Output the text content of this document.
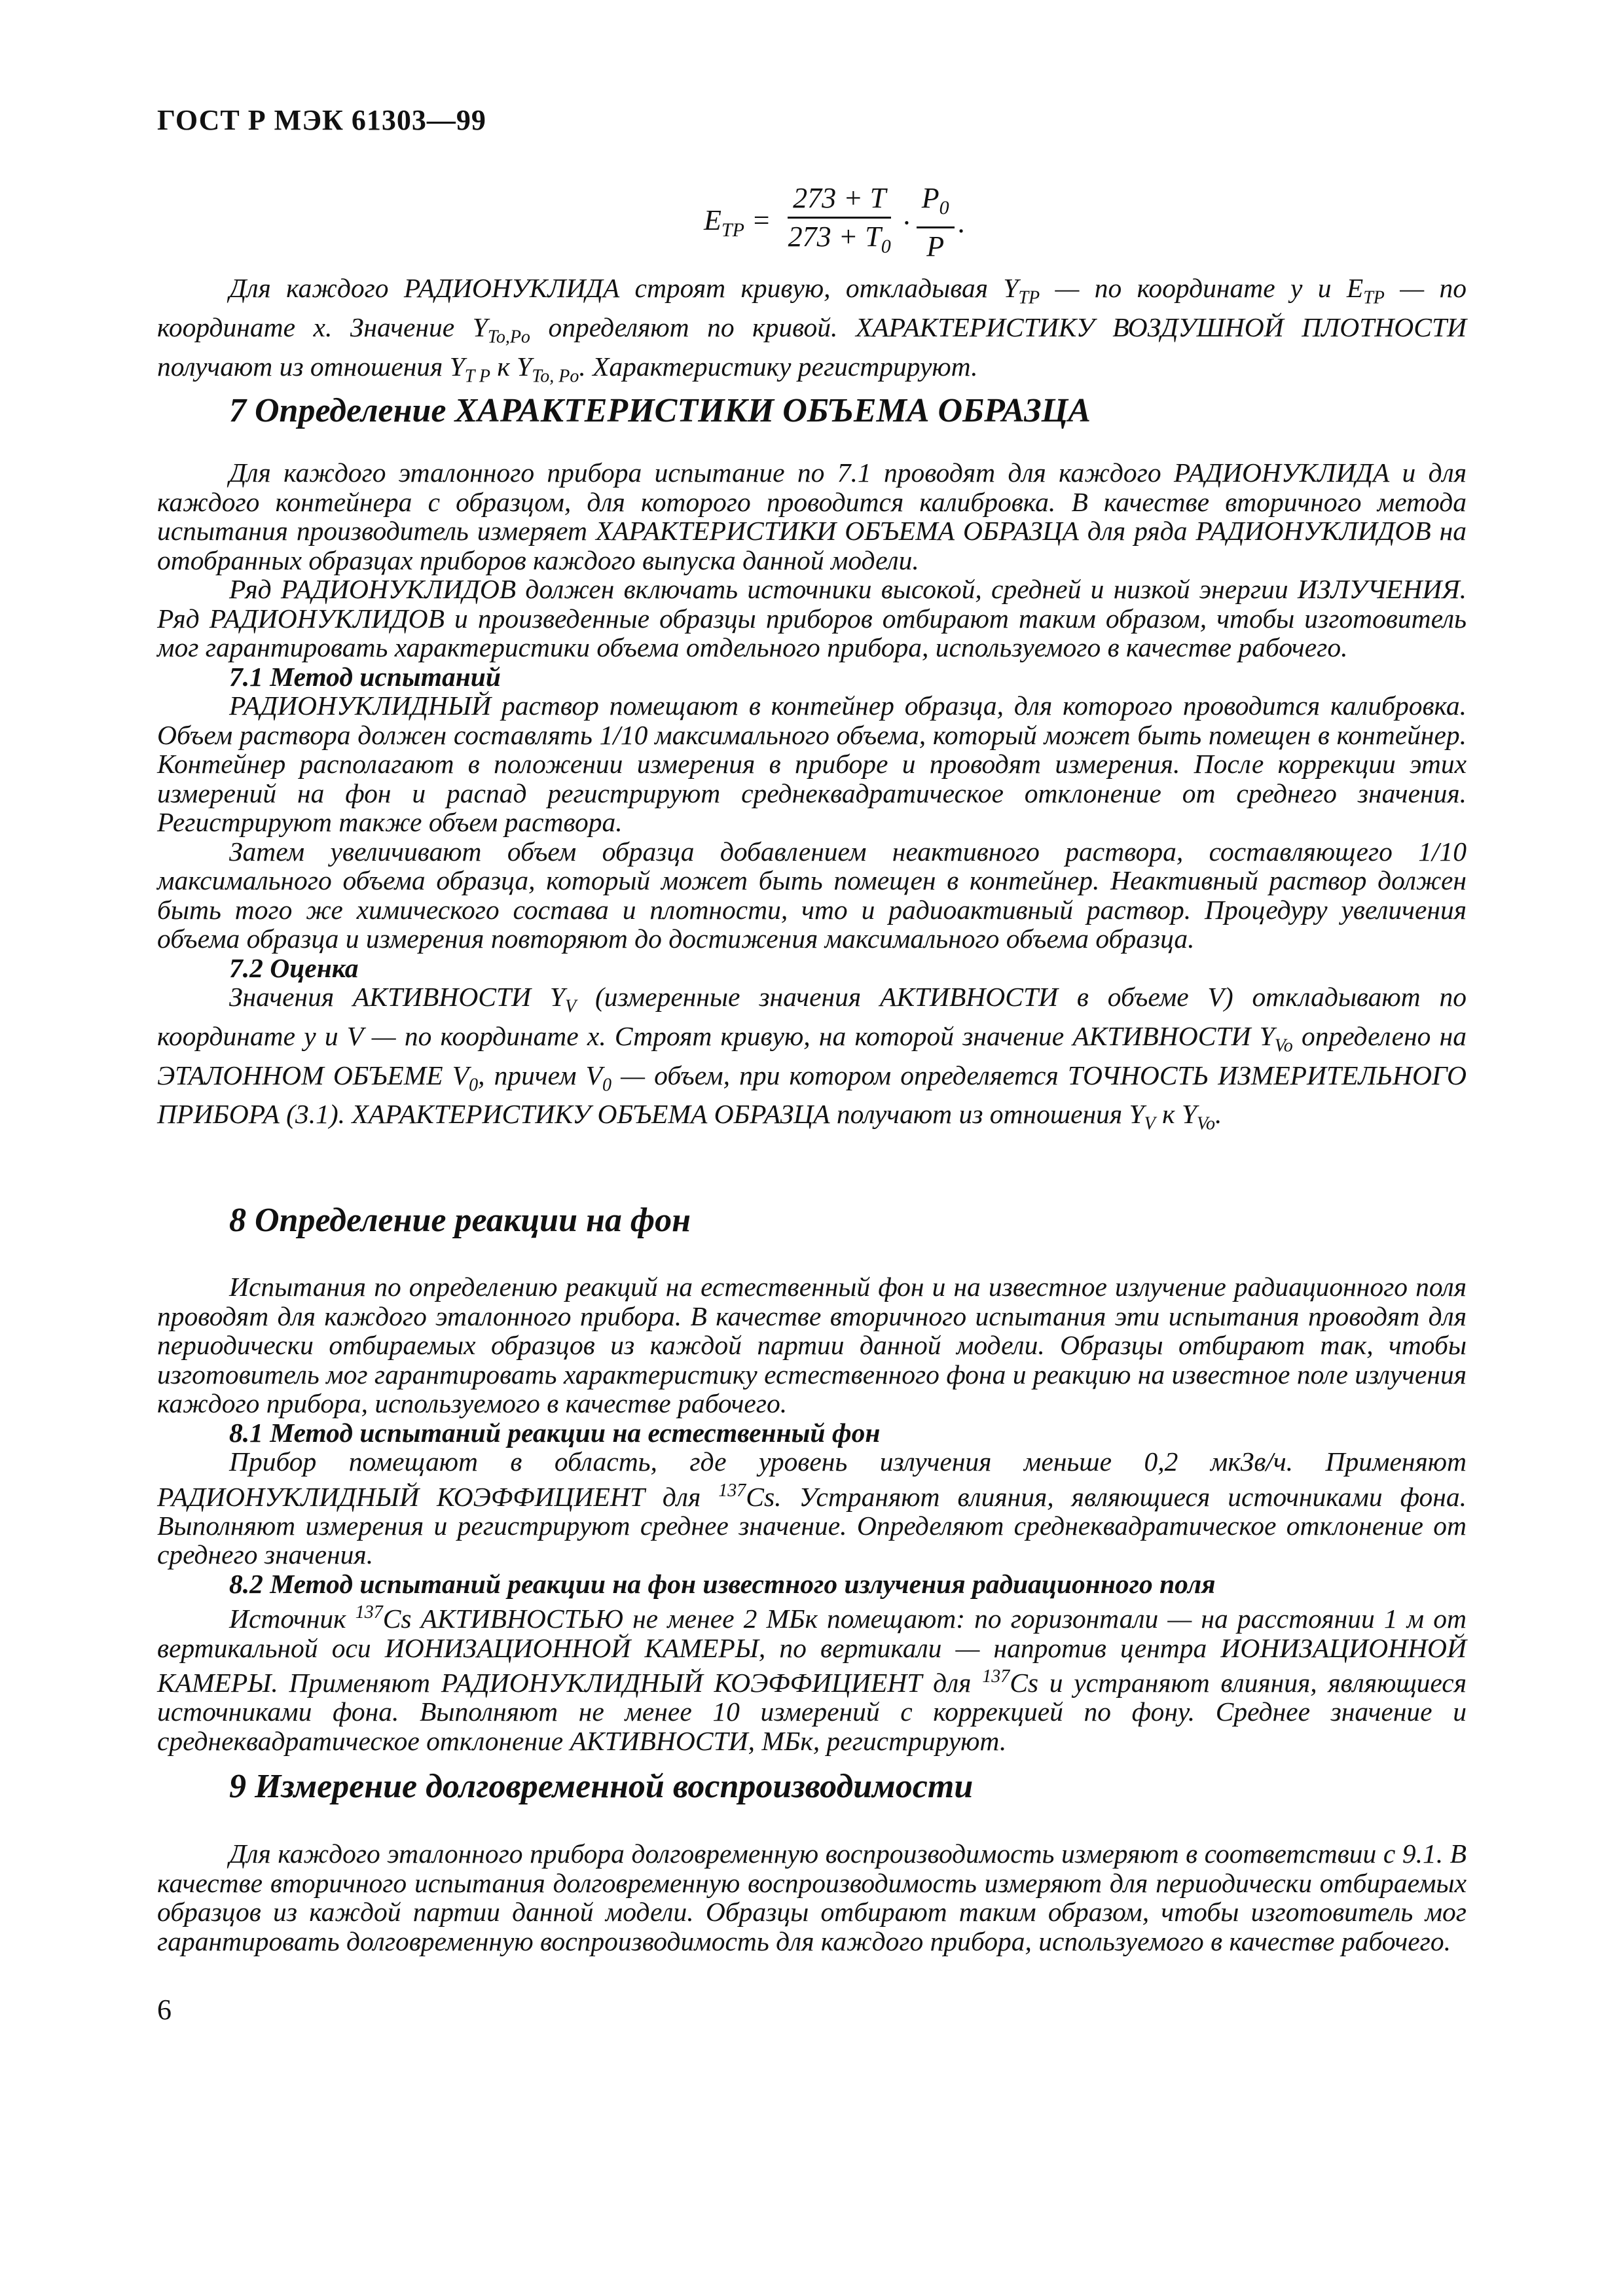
ГОСТ Р МЭК 61303—99
$E_{TP} = \frac{273 + T}{273 + T_0} \cdot \frac{P_0}{P}$ .

Для каждого РАДИОНУКЛИДА строят кривую, откладывая $Y_{TP}$ — по координате y и $E_{TP}$ — по координате x. Значение $Y_{To,Po}$ определяют по кривой. ХАРАКТЕРИСТИКУ ВОЗДУШНОЙ ПЛОТНОСТИ получают из отношения $Y_{T P}$ к $Y_{To, Po}$. Характеристику регистрируют.

7 Определение ХАРАКТЕРИСТИКИ ОБЪЕМА ОБРАЗЦА

Для каждого эталонного прибора испытание по 7.1 проводят для каждого РАДИОНУКЛИДА и для каждого контейнера с образцом, для которого проводится калибровка. В качестве вторичного метода испытания производитель измеряет ХАРАКТЕРИСТИКИ ОБЪЕМА ОБРАЗЦА для ряда РАДИОНУКЛИДОВ на отобранных образцах приборов каждого выпуска данной модели.

Ряд РАДИОНУКЛИДОВ должен включать источники высокой, средней и низкой энергии ИЗЛУЧЕНИЯ. Ряд РАДИОНУКЛИДОВ и произведенные образцы приборов отбирают таким образом, чтобы изготовитель мог гарантировать характеристики объема отдельного прибора, используемого в качестве рабочего.

7.1 Метод испытаний

РАДИОНУКЛИДНЫЙ раствор помещают в контейнер образца, для которого проводится калибровка. Объем раствора должен составлять 1/10 максимального объема, который может быть помещен в контейнер. Контейнер располагают в положении измерения в приборе и проводят измерения. После коррекции этих измерений на фон и распад регистрируют среднеквадратическое отклонение от среднего значения. Регистрируют также объем раствора.

Затем увеличивают объем образца добавлением неактивного раствора, составляющего 1/10 максимального объема образца, который может быть помещен в контейнер. Неактивный раствор должен быть того же химического состава и плотности, что и радиоактивный раствор. Процедуру увеличения объема образца и измерения повторяют до достижения максимального объема образца.

7.2 Оценка

Значения АКТИВНОСТИ $Y_V$ (измеренные значения АКТИВНОСТИ в объеме V) откладывают по координате y и V — по координате x. Строят кривую, на которой значение АКТИВНОСТИ $Y_{Vo}$ определено на ЭТАЛОННОМ ОБЪЕМЕ $V_0$, причем $V_0$ — объем, при котором определяется ТОЧНОСТЬ ИЗМЕРИТЕЛЬНОГО ПРИБОРА (3.1). ХАРАКТЕРИСТИКУ ОБЪЕМА ОБРАЗЦА получают из отношения $Y_V$ к $Y_{Vo}$.

8 Определение реакции на фон

Испытания по определению реакций на естественный фон и на известное излучение радиационного поля проводят для каждого эталонного прибора. В качестве вторичного испытания эти испытания проводят для периодически отбираемых образцов из каждой партии данной модели. Образцы отбирают так, чтобы изготовитель мог гарантировать характеристику естественного фона и реакцию на известное поле излучения каждого прибора, используемого в качестве рабочего.

8.1 Метод испытаний реакции на естественный фон

Прибор помещают в область, где уровень излучения меньше 0,2 мкЗв/ч. Применяют РАДИОНУКЛИДНЫЙ КОЭФФИЦИЕНТ для $^{137}$Cs. Устраняют влияния, являющиеся источниками фона. Выполняют измерения и регистрируют среднее значение. Определяют среднеквадратическое отклонение от среднего значения.

8.2 Метод испытаний реакции на фон известного излучения радиационного поля

Источник $^{137}$Cs АКТИВНОСТЬЮ не менее 2 МБк помещают: по горизонтали — на расстоянии 1 м от вертикальной оси ИОНИЗАЦИОННОЙ КАМЕРЫ, по вертикали — напротив центра ИОНИЗАЦИОННОЙ КАМЕРЫ. Применяют РАДИОНУКЛИДНЫЙ КОЭФФИЦИЕНТ для $^{137}$Cs и устраняют влияния, являющиеся источниками фона. Выполняют не менее 10 измерений с коррекцией по фону. Среднее значение и среднеквадратическое отклонение АКТИВНОСТИ, МБк, регистрируют.

9 Измерение долговременной воспроизводимости

Для каждого эталонного прибора долговременную воспроизводимость измеряют в соответствии с 9.1. В качестве вторичного испытания долговременную воспроизводимость измеряют для периодически отбираемых образцов из каждой партии данной модели. Образцы отбирают таким образом, чтобы изготовитель мог гарантировать долговременную воспроизводимость для каждого прибора, используемого в качестве рабочего.

6
